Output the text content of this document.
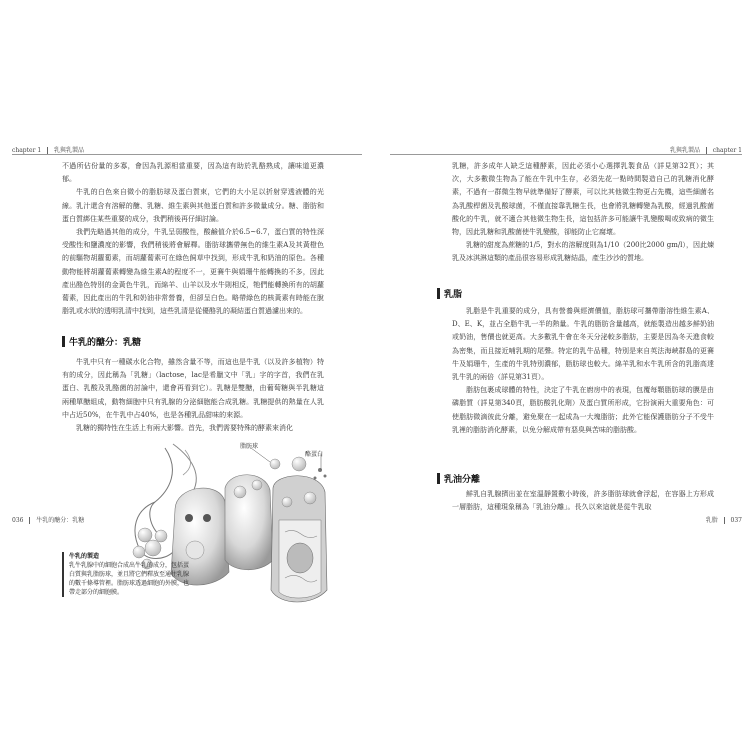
chapter 1 乳與乳製品

不過所佔份量的多寡，會因為乳源相當重要，因為這有助於乳酪熟成，讓味道更濃郁。

牛乳的白色來自微小的脂肪球及蛋白質束，它們的大小足以折射穿透液體的光線。乳汁還含有溶解的醣、乳糖、維生素與其他蛋白質和許多微量成分。糖、脂肪和蛋白質綁住某些重要的成分，我們稍後再仔細討論。

我們先略過其他的成分，牛乳呈弱酸性，酸鹼值介於6.5~6.7，蛋白質的特性深受酸性和鹽濃度的影響，我們稍後將會解釋。脂肪球攜帶無色的維生素A及其黃橙色的前驅物胡蘿蔔素，而胡蘿蔔素可在綠色飼草中找到，形成牛乳和奶油的原色。各種動物能將胡蘿蔔素轉變為維生素A的程度不一，更賽牛與娟珊牛能轉換的不多，因此產出酪色特別的金黃色牛乳，而綿羊、山羊以及水牛則相反，牠們能轉換所有的胡蘿蔔素，因此產出的牛乳和奶油非常營養，但卻呈白色。略帶綠色的核黃素有時能在脫脂乳或水狀的透明乳清中找到，這些乳清是從優酪乳的凝結蛋白質過濾出來的。

牛乳的醣分：乳糖

牛乳中只有一種碳水化合物，雖然含量不等，而這也是牛乳（以及許多植物）特有的成分，因此稱為「乳糖」（lactose，lac是希臘文中「乳」字的字首，我們在乳蛋白、乳酸及乳酪菌的討論中，還會再看到它）。乳糖是雙醣，由葡萄糖與半乳糖這兩種單醣組成，動物細胞中只有乳腺的分泌細胞能合成乳糖。乳糖提供的熱量在人乳中占近50%，在牛乳中占40%，也是各種乳品甜味的來源。

乳糖的獨特性在生活上有兩大影響。首先，我們需要特殊的酵素來消化

脂肪球
酪蛋白
牛乳的製造
乳牛乳腺中的細胞合成出牛乳的成分，包括蛋白質與乳脂肪球，並且將它們釋放至通往乳腺的數千條導管裡。脂肪球透過細胞的外膜，也帶走部分的細胞膜。
036 牛乳的醣分：乳糖
乳與乳製品 chapter 1

乳糖，許多成年人缺乏這種酵素，因此必須小心選擇乳製食品（詳見第32頁）；其次，大多數微生物為了能在牛乳中生存，必須先花一點時間製造自己的乳糖消化酵素，不過有一群微生物早就準備好了酵素，可以比其他微生物更占先機，這些細菌名為乳酸桿菌及乳酸球菌，不僅直接靠乳糖生長，也會將乳糖轉變為乳酸，經過乳酸菌酸化的牛乳，就不適合其他微生物生長，這包括許多可能讓牛乳變酸喝或致病的微生物，因此乳糖和乳酸菌使牛乳變酸，卻能防止它腐壞。

乳糖的甜度為蔗糖的1/5，對水的溶解度則為1/10（200比2000 gm/l），因此煉乳及冰淇淋這類的產品很容易形成乳糖結晶，產生沙沙的質地。

乳脂

乳脂是牛乳重要的成分，具有營養與經濟價值，脂肪球可攜帶脂溶性維生素A、D、E、K，並占全脂牛乳一半的熱量。牛乳的脂肪含量越高，就能製造出越多鮮奶油或奶油，售價也就更高。大多數乳牛會在冬天分泌較多脂肪，主要是因為冬天進食較為密集，而且接近哺乳期的尾聲。特定的乳牛品種，特別是來自英法海峽群島的更賽牛及娟珊牛，生產的牛乳特別濃郁，脂肪球也較大。綿羊乳和水牛乳所含的乳脂高達乳牛乳的兩倍（詳見第31頁）。

脂肪包裹成球體的特性，決定了牛乳在廚房中的表現，包覆每顆脂肪球的膜是由磷脂質（詳見第340頁，脂肪酸乳化劑）及蛋白質所形成，它扮演兩大重要角色：可使脂肪微滴彼此分離，避免聚在一起成為一大塊脂肪；此外它能保護脂肪分子不受牛乳裡的脂肪消化酵素，以免分解成帶有惡臭與苦味的脂肪酸。

乳油分離

鮮乳自乳腺擠出並在室溫靜置數小時後，許多脂肪球就會浮起，在容器上方形成一層脂肪，這種現象稱為「乳油分離」。長久以來這就是從牛乳取

乳脂 037
